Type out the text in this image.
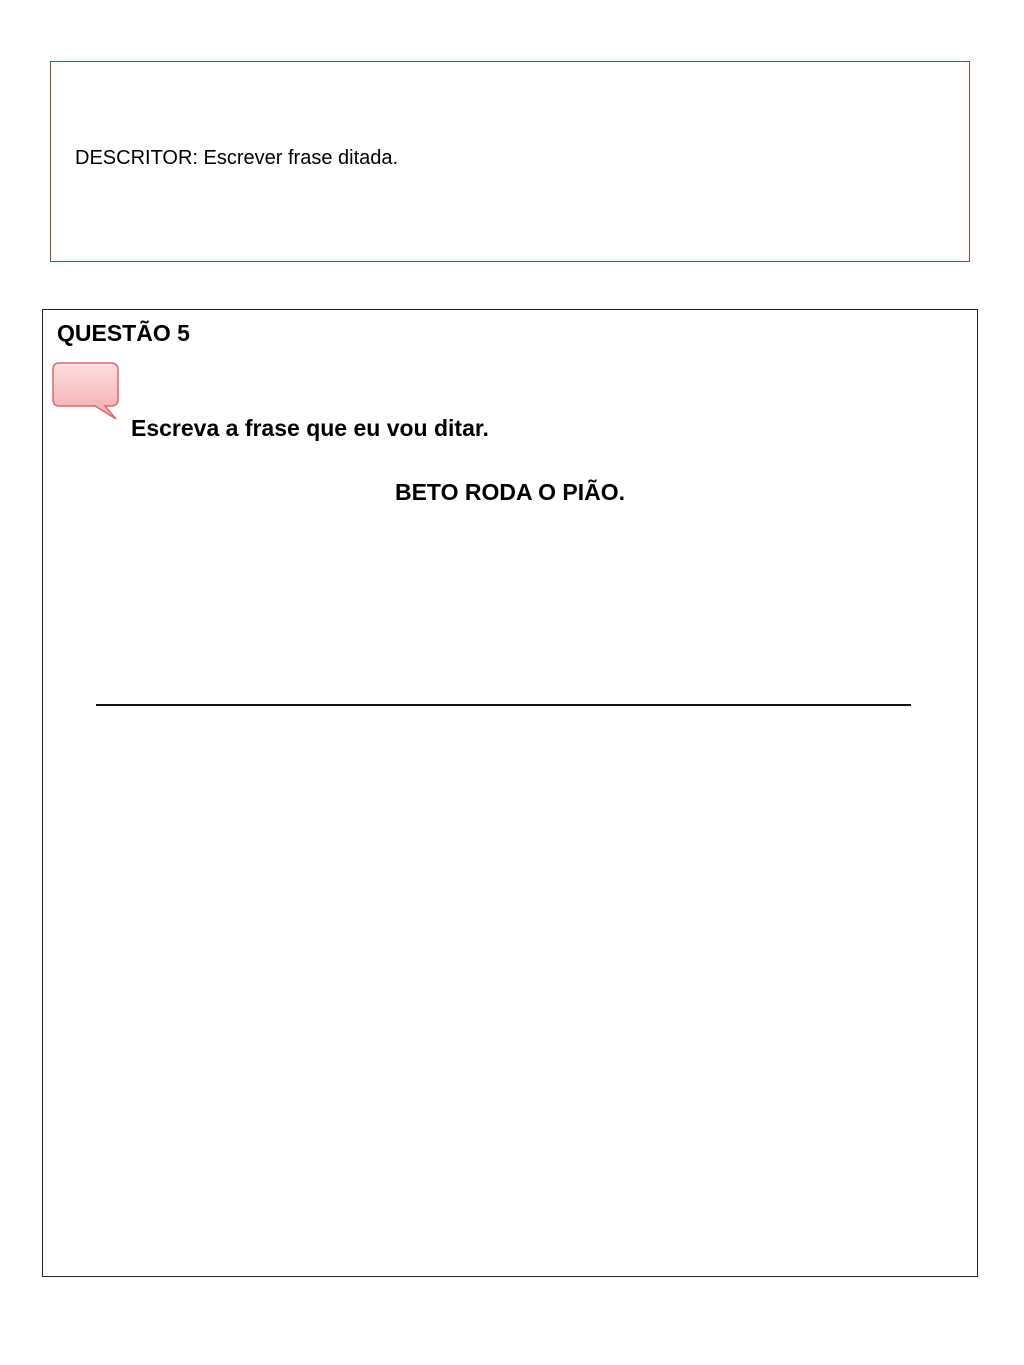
DESCRITOR: Escrever frase ditada.
QUESTÃO 5
Escreva a frase que eu vou ditar.
BETO RODA O PIÃO.
